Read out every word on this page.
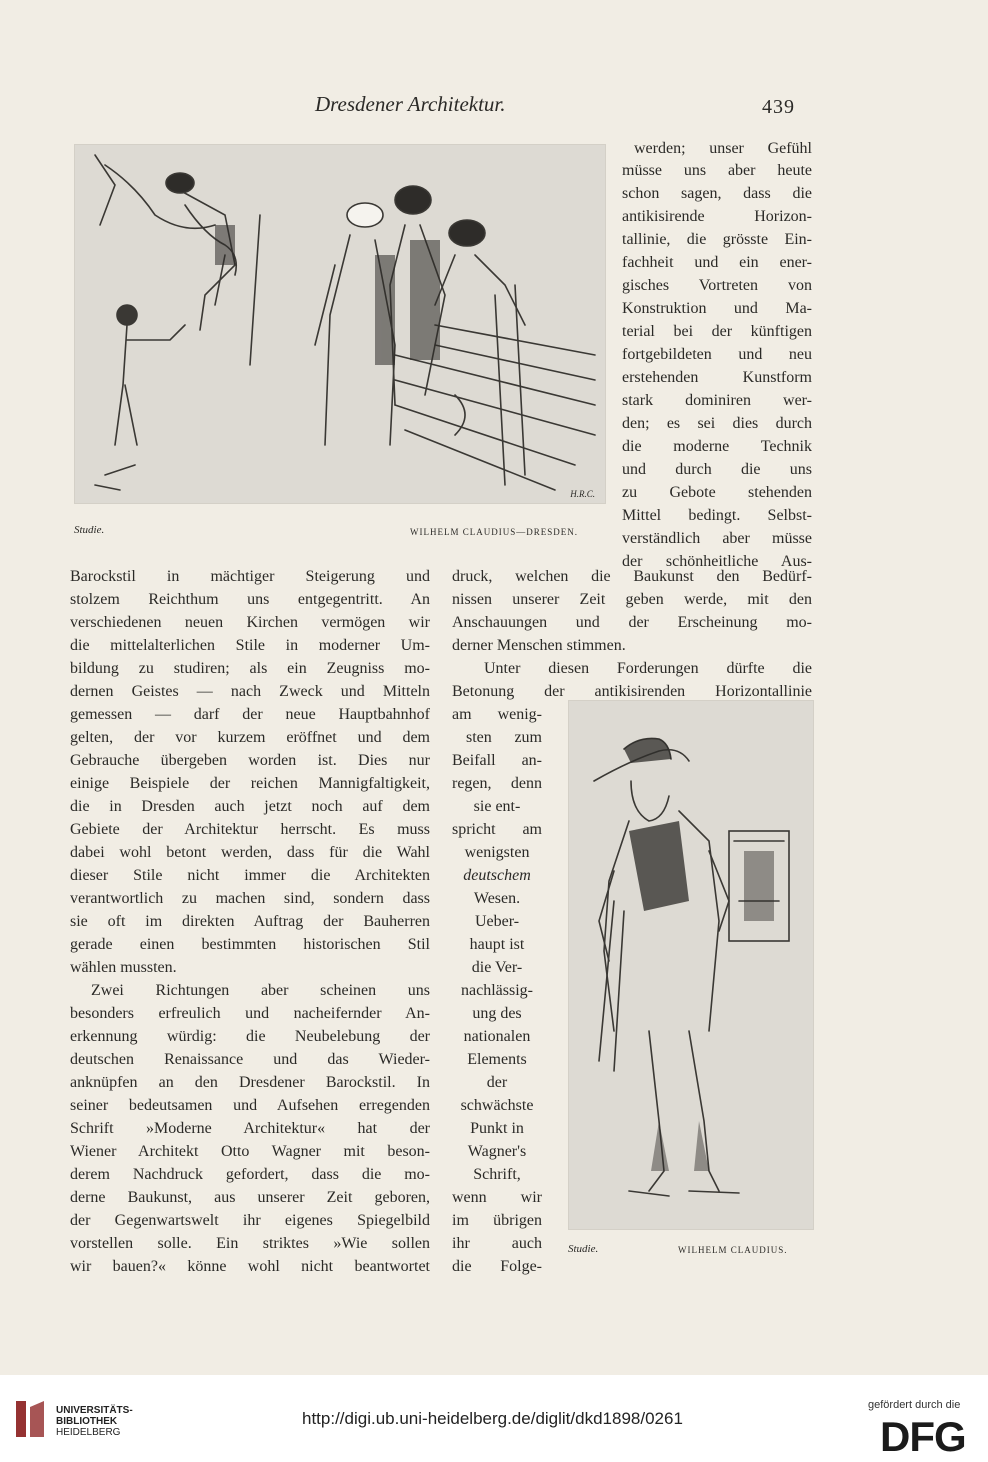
Dresdener Architektur.	439
H.R.C.
Studie.	WILHELM CLAUDIUS—DRESDEN.
werden; unser Gefühl
müsse uns aber heute
schon sagen, dass die
antikisirende Horizon-
tallinie, die grösste Ein-
fachheit und ein ener-
gisches Vortreten von
Konstruktion und Ma-
terial bei der künftigen
fortgebildeten und neu
erstehenden Kunstform
stark dominiren wer-
den; es sei dies durch
die moderne Technik
und durch die uns
zu Gebote stehenden
Mittel bedingt. Selbst-
verständlich aber müsse
der schönheitliche Aus-
Barockstil in mächtiger Steigerung und
stolzem Reichthum uns entgegentritt. An
verschiedenen neuen Kirchen vermögen wir
die mittelalterlichen Stile in moderner Um-
bildung zu studiren; als ein Zeugniss mo-
dernen Geistes — nach Zweck und Mitteln
gemessen — darf der neue Hauptbahnhof
gelten, der vor kurzem eröffnet und dem
Gebrauche übergeben worden ist. Dies nur
einige Beispiele der reichen Mannigfaltigkeit,
die in Dresden auch jetzt noch auf dem
Gebiete der Architektur herrscht. Es muss
dabei wohl betont werden, dass für die Wahl
dieser Stile nicht immer die Architekten
verantwortlich zu machen sind, sondern dass
sie oft im direkten Auftrag der Bauherren
gerade einen bestimmten historischen Stil
wählen mussten.
Zwei Richtungen aber scheinen uns
besonders erfreulich und nacheifernder An-
erkennung würdig: die Neubelebung der
deutschen Renaissance und das Wieder-
anknüpfen an den Dresdener Barockstil. In
seiner bedeutsamen und Aufsehen erregenden
Schrift »Moderne Architektur« hat der
Wiener Architekt Otto Wagner mit beson-
derem Nachdruck gefordert, dass die mo-
derne Baukunst, aus unserer Zeit geboren,
der Gegenwartswelt ihr eigenes Spiegelbild
vorstellen solle. Ein striktes »Wie sollen
wir bauen?« könne wohl nicht beantwortet
druck, welchen die Baukunst den Bedürf-
nissen unserer Zeit geben werde, mit den
Anschauungen und der Erscheinung mo-
derner Menschen stimmen.
Unter diesen Forderungen dürfte die
Betonung der antikisirenden Horizontallinie
am wenig-
sten zum
Beifall an-
regen, denn
sie ent-
spricht am
wenigsten
deutschem
Wesen.
Ueber-
haupt ist
die Ver-
nachlässig-
ung des
nationalen
Elements
der
schwächste
Punkt in
Wagner's
Schrift,
wenn wir
im übrigen
ihr auch
die Folge-
Studie.	WILHELM CLAUDIUS.
UNIVERSITÄTS-
BIBLIOTHEK
HEIDELBERG
http://digi.ub.uni-heidelberg.de/diglit/dkd1898/0261
gefördert durch die
DFG
